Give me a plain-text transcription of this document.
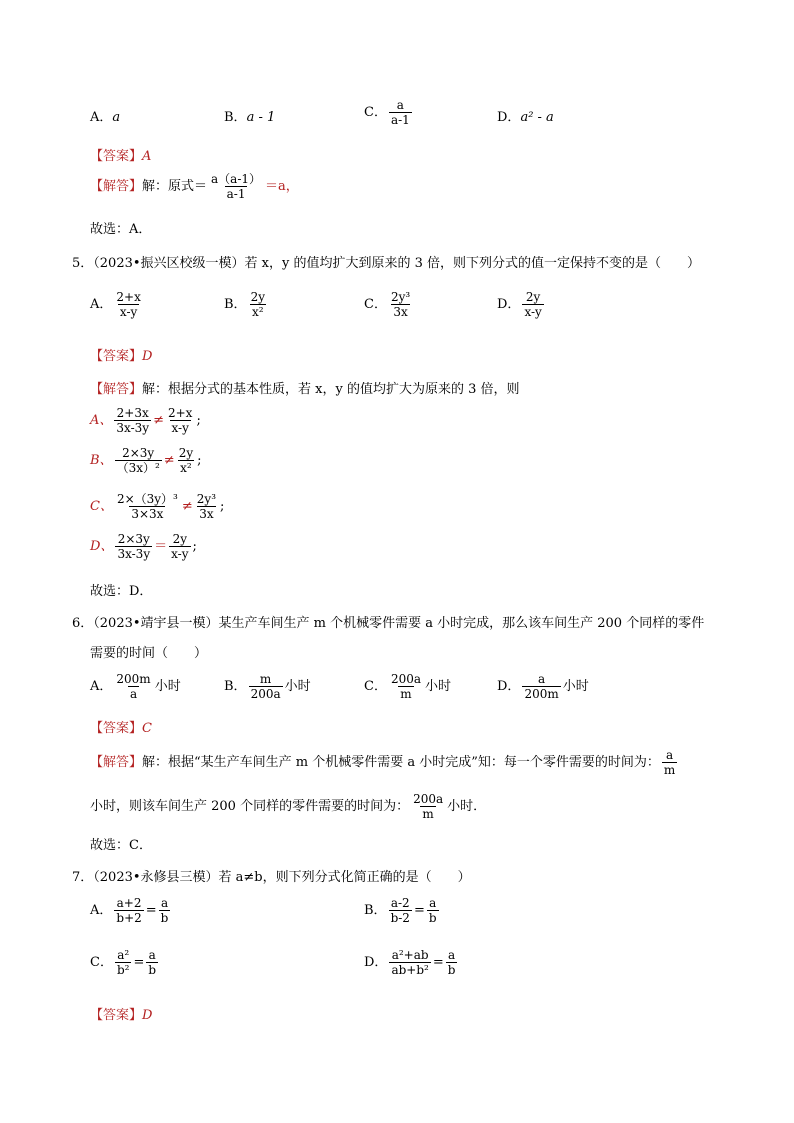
A．a	B．a - 1	C． $\frac{a}{a-1}$	D．a² - a
【答案】A
【解答】解：原式＝ $\frac{a(a-1)}{a-1} =a$，
故选：A．
5．（2023•振兴区校级一模）若 x，y 的值均扩大到原来的 3 倍，则下列分式的值一定保持不变的是（　　）
A． $\frac{2+x}{x-y}$	B． $\frac{2y}{\text{x²}}$	C． $\frac{\text{2y³}}{3x}$	D． $\frac{2y}{x-y}$
【答案】D
【解答】解：根据分式的基本性质，若 x，y 的值均扩大为原来的 3 倍，则
A、 $\frac{2+3x}{3x-3y} \ne \frac{2+x}{x-y}$ ;
B、 $\frac{2\times 3y}{\text{（3x）²}} \ne \frac{2y}{\text{x²}}$ ;
C、 $\frac{\text{2×（3y）³}}{3\times 3x} \ne \frac{\text{2y³}}{3x}$ ;
D、 $\frac{2\times 3y}{3x-3y} = \frac{2y}{x-y}$ ;
故选：D．
6．（2023•靖宇县一模）某生产车间生产 m 个机械零件需要 a 小时完成，那么该车间生产 200 个同样的零件
需要的时间（　　）
A． $\frac{200m}{a}$ 小时	B． $\frac{m}{200a}$ 小时	C． $\frac{200a}{m}$ 小时	D． $\frac{a}{200m}$ 小时
【答案】C
【解答】解：根据“某生产车间生产 m 个机械零件需要 a 小时完成”知：每一个零件需要的时间为： $\frac{a}{m}$
小时，则该车间生产 200 个同样的零件需要的时间为： $\frac{200a}{m}$ 小时．
故选：C．
7．（2023•永修县三模）若 a≠b，则下列分式化简正确的是（　　）
A． $\frac{a+2}{b+2} = \frac{a}{b}$	B． $\frac{a-2}{b-2} = \frac{a}{b}$
C． $\frac{\text{a²}}{\text{b²}} = \frac{a}{b}$	D． $\frac{\text{a²+ab}}{\text{ab+b²}} = \frac{a}{b}$
【答案】D
